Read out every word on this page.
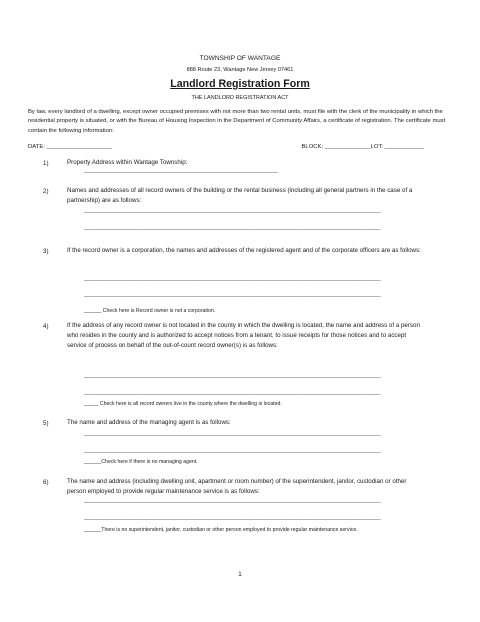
TOWNSHIP OF WANTAGE
888 Route 23, Wantage New Jersey 07461
Landlord Registration Form
THE LANDLORD REGISTRATION ACT
By law, every landlord of a dwelling, except owner occupied premises with not more than two rental units, must file with the clerk of the municipality in which the residential property is situated, or with the Bureau of Housing Inspection in the Department of Community Affairs, a certificate of registration. The certificate must contain the following information:
DATE: ____________________	BLOCK: ______________LOT: ____________
1)	Property Address within Wantage Township:
________________________________________________________________
2)	Names and addresses of all record owners of the building or the rental business (including all general partners in the case of a partnership) are as follows:
__________________________________________________________________________________________________
__________________________________________________________________________________________________
3)	If the record owner is a corporation, the names and addresses of the registered agent and of the corporate officers are as follows:
__________________________________________________________________________________________________
__________________________________________________________________________________________________
______ Check here is Record owner is not a corporation.
4)	If the address of any record owner is not located in the county in which the dwelling is located, the name and address of a person who resides in the county and is authorized to accept notices from a tenant, to issue receipts for those notices and to accept service of process on behalf of the out-of-count record owner(s) is as follows:
__________________________________________________________________________________________________
__________________________________________________________________________________________________
_____ Check here is all record owners live in the county where the dwelling is located.
5)	The name and address of the managing agent is as follows:
__________________________________________________________________________________________________
__________________________________________________________________________________________________
______Check here if there is no managing agent.
6)	The name and address (including dwelling unit, apartment or room number) of the superintendent, janitor, custodian or other person employed to provide regular maintenance service is as follows:
__________________________________________________________________________________________________
__________________________________________________________________________________________________
______There is no superintendent, janitor, custodian or other person employed to provide regular maintenance service.
1
